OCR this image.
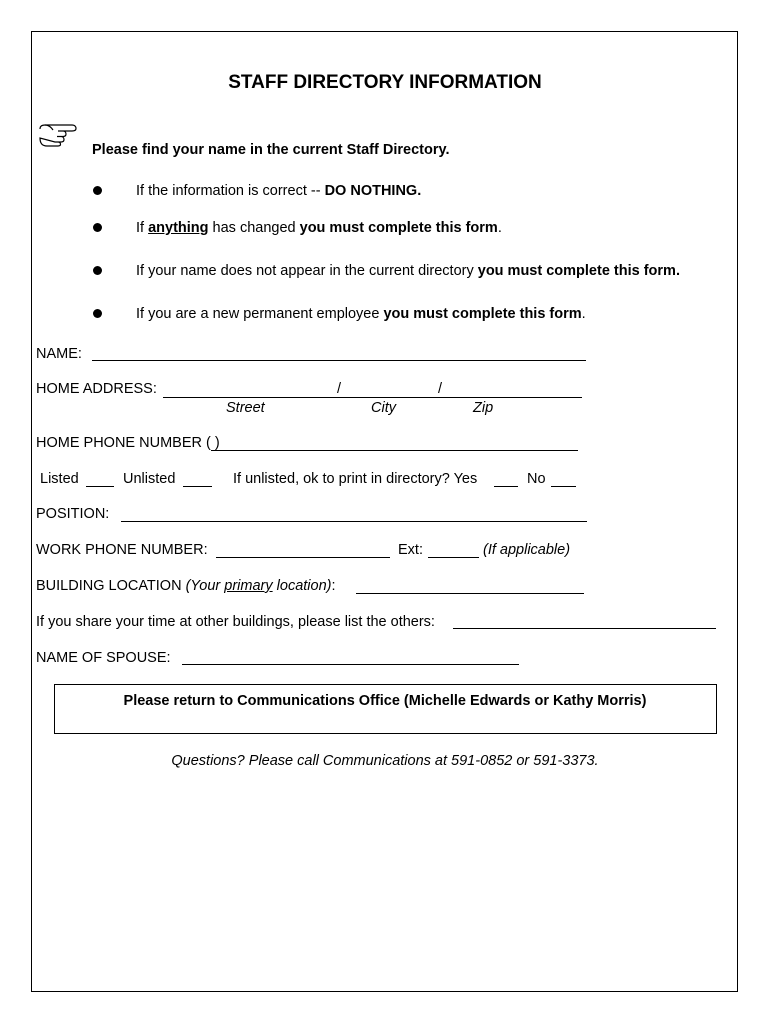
STAFF DIRECTORY INFORMATION
Please find your name in the current Staff Directory.
If the information is correct -- DO NOTHING.
If anything has changed you must complete this form.
If your name does not appear in the current directory you must complete this form.
If you are a new permanent employee you must complete this form.
NAME:
HOME ADDRESS:	/	/
Street	City	Zip
HOME PHONE NUMBER ( )
Listed	Unlisted	If unlisted, ok to print in directory? Yes	No
POSITION:
WORK PHONE NUMBER:	Ext:	(If applicable)
BUILDING LOCATION (Your primary location):
If you share your time at other buildings, please list the others:
NAME OF SPOUSE:
Please return to Communications Office (Michelle Edwards or Kathy Morris)
Questions? Please call Communications at 591-0852 or 591-3373.
